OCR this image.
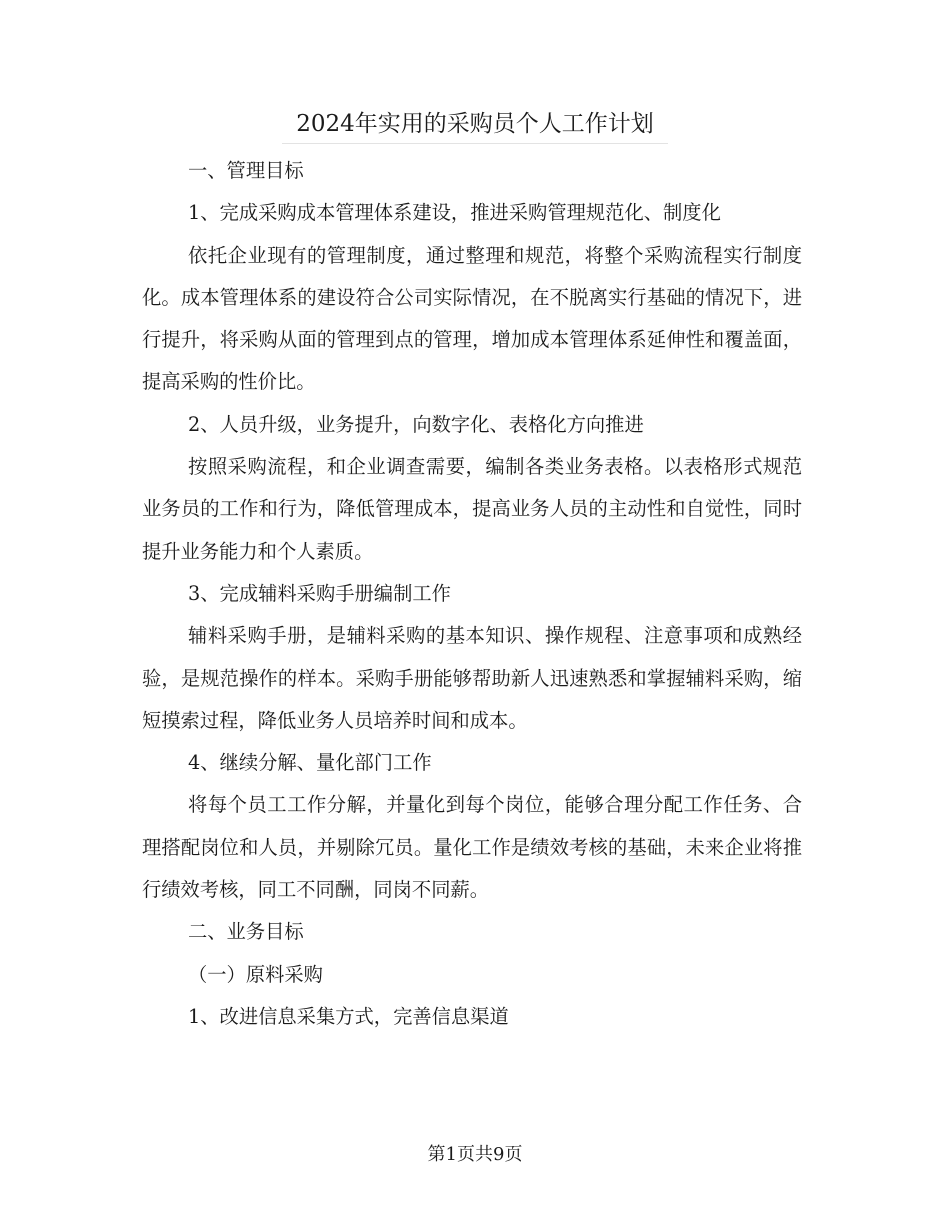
2024年实用的采购员个人工作计划

一、管理目标

1、完成采购成本管理体系建设，推进采购管理规范化、制度化

依托企业现有的管理制度，通过整理和规范，将整个采购流程实行制度化。成本管理体系的建设符合公司实际情况，在不脱离实行基础的情况下，进行提升，将采购从面的管理到点的管理，增加成本管理体系延伸性和覆盖面，提高采购的性价比。

2、人员升级，业务提升，向数字化、表格化方向推进

按照采购流程，和企业调查需要，编制各类业务表格。以表格形式规范业务员的工作和行为，降低管理成本，提高业务人员的主动性和自觉性，同时提升业务能力和个人素质。

3、完成辅料采购手册编制工作

辅料采购手册，是辅料采购的基本知识、操作规程、注意事项和成熟经验，是规范操作的样本。采购手册能够帮助新人迅速熟悉和掌握辅料采购，缩短摸索过程，降低业务人员培养时间和成本。

4、继续分解、量化部门工作

将每个员工工作分解，并量化到每个岗位，能够合理分配工作任务、合理搭配岗位和人员，并剔除冗员。量化工作是绩效考核的基础，未来企业将推行绩效考核，同工不同酬，同岗不同薪。

二、业务目标

（一）原料采购

1、改进信息采集方式，完善信息渠道

第1页共9页
